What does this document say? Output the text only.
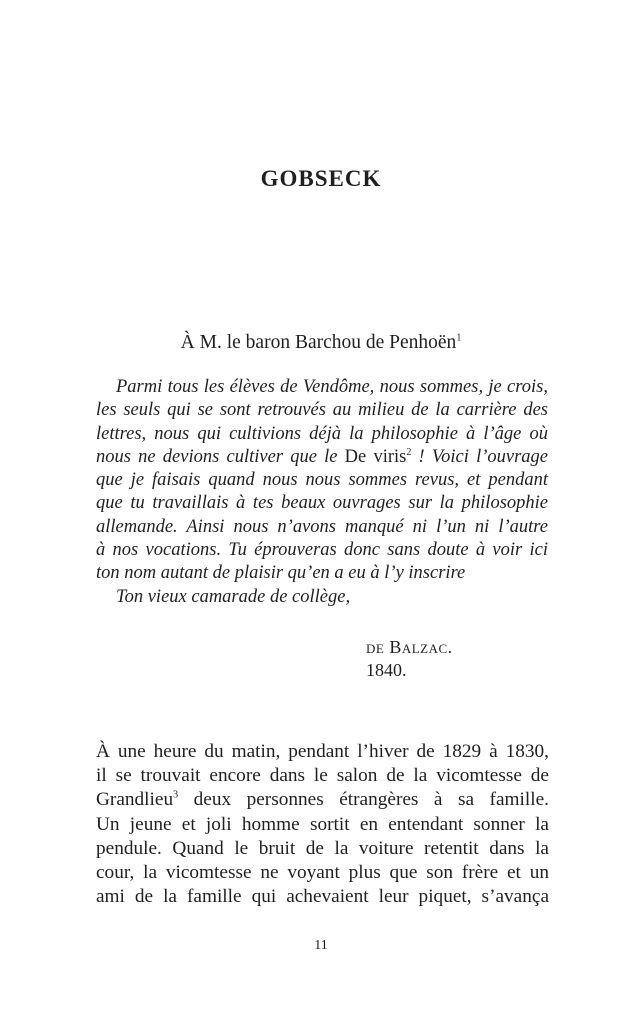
GOBSECK
À M. le baron Barchou de Penhoën$^1$
Parmi tous les élèves de Vendôme, nous sommes, je crois,
les seuls qui se sont retrouvés au milieu de la carrière des
lettres, nous qui cultivions déjà la philosophie à l’âge où
nous ne devions cultiver que le De viris$^2$ ! Voici l’ouvrage
que je faisais quand nous nous sommes revus, et pendant
que tu travaillais à tes beaux ouvrages sur la philosophie
allemande. Ainsi nous n’avons manqué ni l’un ni l’autre
à nos vocations. Tu éprouveras donc sans doute à voir ici
ton nom autant de plaisir qu’en a eu à l’y inscrire
Ton vieux camarade de collège,
de Balzac.
1840.
À une heure du matin, pendant l’hiver de 1829 à 1830,
il se trouvait encore dans le salon de la vicomtesse de
Grandlieu$^3$ deux personnes étrangères à sa famille.
Un jeune et joli homme sortit en entendant sonner la
pendule. Quand le bruit de la voiture retentit dans la
cour, la vicomtesse ne voyant plus que son frère et un
ami de la famille qui achevaient leur piquet, s’avança
11
